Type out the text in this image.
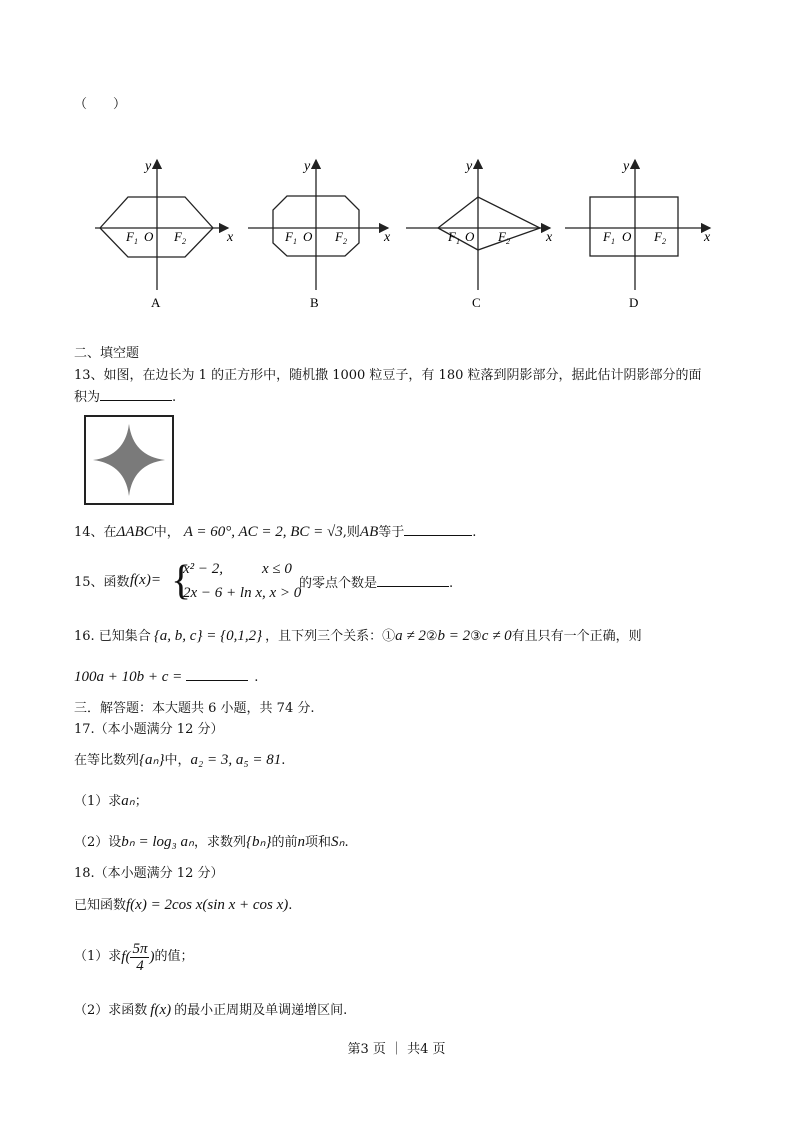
（　　）
y	y	y	y
x	x	x	x
$F_1$ O $F_2$	$F_1$ O $F_2$	$F_1$ O $F_2$	$F_1$ O $F_2$
A	B	C	D
二、填空题
13、如图，在边长为 1 的正方形中，随机撒 1000 粒豆子，有 180 粒落到阴影部分，据此估计阴影部分的面
积为	.
14、在ΔABC中， A = 60°, AC = 2, BC = √3,则AB等于	.
15、函数 f(x)= {
x² − 2,	x ≤ 0
2x − 6 + ln x, x > 0
的零点个数是	.
16. 已知集合 {a, b, c} = {0,1,2} ，且下列三个关系：①a ≠ 2②b = 2③c ≠ 0有且只有一个正确，则
100a + 10b + c =	.
三．解答题：本大题共 6 小题，共 74 分.
17.（本小题满分 12 分）
在等比数列{aₙ}中，a₂ = 3, a₅ = 81.
（1）求aₙ；
（2）设bₙ = log₃ aₙ，求数列{bₙ}的前n项和Sₙ.
18.（本小题满分 12 分）
已知函数f(x) = 2cos x(sin x + cos x).
（1）求 $f( \frac{5\pi}{4}$ ) 的值；
（2）求函数 f(x) 的最小正周期及单调递增区间.
第3 页 ｜ 共4 页
